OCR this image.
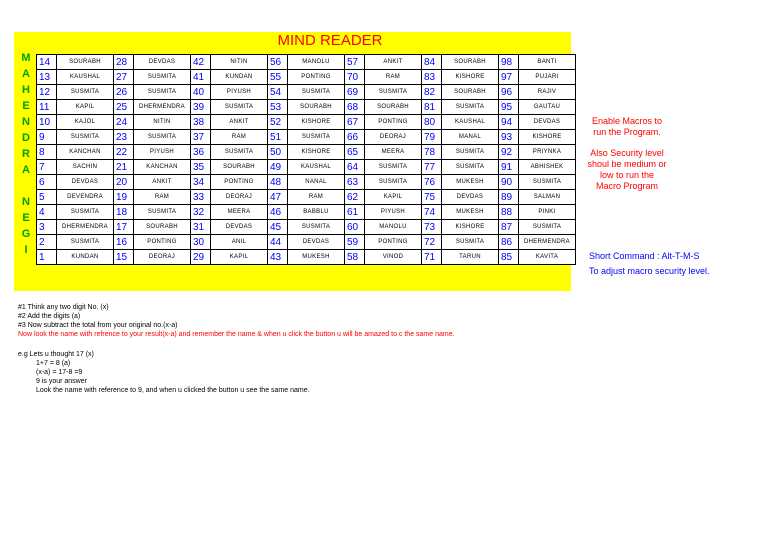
MIND READER
M
A
H
E
N
D
R
A
N
E
G
I
14	SOURABH	28	DEVDAS	42	NITIN	56	MANOLU	57	ANKIT	84	SOURABH	98	BANTI
13	KAUSHAL	27	SUSMITA	41	KUNDAN	55	PONTING	70	RAM	83	KISHORE	97	PUJARI
12	SUSMITA	26	SUSMITA	40	PIYUSH	54	SUSMITA	69	SUSMITA	82	SOURABH	96	RAJIV
11	KAPIL	25	DHERMENDRA	39	SUSMITA	53	SOURABH	68	SOURABH	81	SUSMITA	95	GAUTAU
10	KAJOL	24	NITIN	38	ANKIT	52	KISHORE	67	PONTING	80	KAUSHAL	94	DEVDAS
9	SUSMITA	23	SUSMITA	37	RAM	51	SUSMITA	66	DEORAJ	79	MANAL	93	KISHORE
8	KANCHAN	22	PIYUSH	36	SUSMITA	50	KISHORE	65	MEERA	78	SUSMITA	92	PRIYNKA
7	SACHIN	21	KANCHAN	35	SOURABH	49	KAUSHAL	64	SUSMITA	77	SUSMITA	91	ABHISHEK
6	DEVDAS	20	ANKIT	34	PONTING	48	NANAL	63	SUSMITA	76	MUKESH	90	SUSMITA
5	DEVENDRA	19	RAM	33	DEORAJ	47	RAM	62	KAPIL	75	DEVDAS	89	SALMAN
4	SUSMITA	18	SUSMITA	32	MEERA	46	BABBLU	61	PIYUSH	74	MUKESH	88	PINKI
3	DHERMENDRA	17	SOURABH	31	DEVDAS	45	SUSMITA	60	MANOLU	73	KISHORE	87	SUSMITA
2	SUSMITA	16	PONTING	30	ANIL	44	DEVDAS	59	PONTING	72	SUSMITA	86	DHERMENDRA
1	KUNDAN	15	DEORAJ	29	KAPIL	43	MUKESH	58	VINOD	71	TARUN	85	KAVITA

Enable Macros to run the Program.

Also Security level shoul be medium or low to run the Macro Program

Short Command : Alt-T-M-S
To adjust macro security level.
#1 Think any two digit No. (x)
#2 Add the digits (a)
#3 Now subtract the total from your original no.(x-a)
Now look the name with refrence to your result(x-a) and remember the name & when u click the button u will be amazed to c the same name.
e.g Lets u thought 17 (x)
1+7 = 8 (a)
(x-a) = 17-8 =9
9 is your answer
Look the name with reference to 9, and when u clicked the button u see the same name.
